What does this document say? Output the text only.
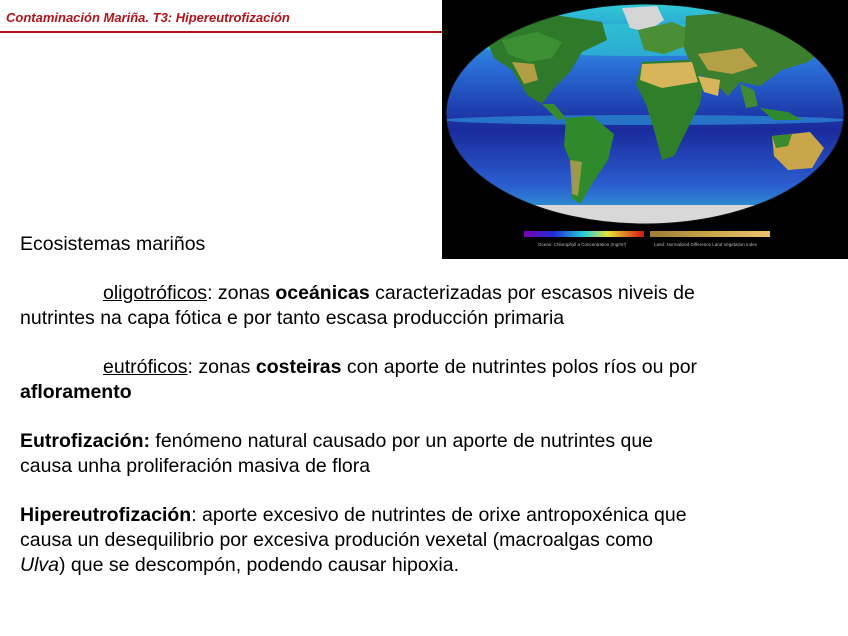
Contaminación Mariña. T3: Hipereutrofización
Ocean: Chlorophyll a Concentration (mg/m³)	Land: Normalized Difference Land Vegetation Index

Ecosistemas mariños

oligotróficos: zonas oceánicas caracterizadas por escasos niveis de

nutrintes na capa fótica e por tanto escasa producción primaria

eutróficos: zonas costeiras con aporte de nutrintes polos ríos ou por

afloramento

Eutrofización: fenómeno natural causado por un aporte de nutrintes que

causa unha proliferación masiva de flora

Hipereutrofización: aporte excesivo de nutrintes de orixe antropoxénica que

causa un desequilibrio por excesiva produción vexetal (macroalgas como

Ulva) que se descompón, podendo causar hipoxia.
